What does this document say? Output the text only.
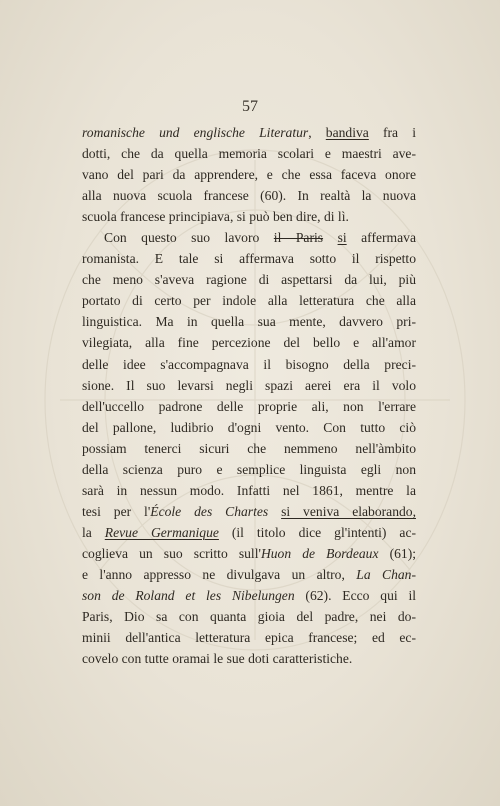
57
romanische und englische Literatur, bandiva fra i
dotti, che da quella memoria scolari e maestri ave-
vano del pari da apprendere, e che essa faceva onore
alla nuova scuola francese (60). In realtà la nuova
scuola francese principiava, si può ben dire, di lì.
Con questo suo lavoro il Paris si affermava
romanista. E tale si affermava sotto il rispetto
che meno s'aveva ragione di aspettarsi da lui, più
portato di certo per indole alla letteratura che alla
linguistica. Ma in quella sua mente, davvero pri-
vilegiata, alla fine percezione del bello e all'amor
delle idee s'accompagnava il bisogno della preci-
sione. Il suo levarsi negli spazi aerei era il volo
dell'uccello padrone delle proprie ali, non l'errare
del pallone, ludibrio d'ogni vento. Con tutto ciò
possiam tenerci sicuri che nemmeno nell'àmbito
della scienza puro e semplice linguista egli non
sarà in nessun modo. Infatti nel 1861, mentre la
tesi per l'École des Chartes si veniva elaborando,
la Revue Germanique (il titolo dice gl'intenti) ac-
coglieva un suo scritto sull'Huon de Bordeaux (61);
e l'anno appresso ne divulgava un altro, La Chan-
son de Roland et les Nibelungen (62). Ecco qui il
Paris, Dio sa con quanta gioia del padre, nei do-
minii dell'antica letteratura epica francese; ed ec-
covelo con tutte oramai le sue doti caratteristiche.
